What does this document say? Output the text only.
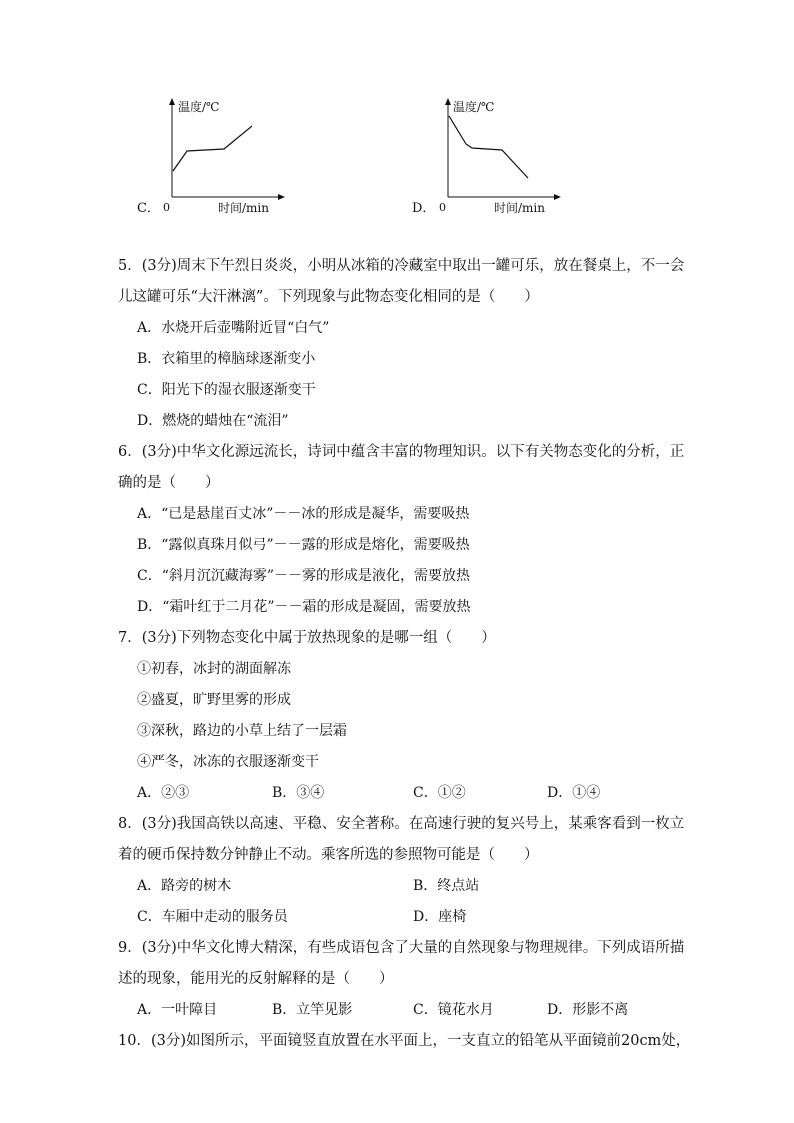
温度/℃
C． 0	时间/min
温度/℃
D． 0	时间/min
5．(3分)周末下午烈日炎炎，小明从冰箱的冷藏室中取出一罐可乐，放在餐桌上，不一会
儿这罐可乐“大汗淋漓”。下列现象与此物态变化相同的是（　　）
A．水烧开后壶嘴附近冒“白气”
B．衣箱里的樟脑球逐渐变小
C．阳光下的湿衣服逐渐变干
D．燃烧的蜡烛在“流泪”
6．(3分)中华文化源远流长，诗词中蕴含丰富的物理知识。以下有关物态变化的分析，正
确的是（　　）
A．“已是悬崖百丈冰”－－冰的形成是凝华，需要吸热
B．“露似真珠月似弓”－－露的形成是熔化，需要吸热
C．“斜月沉沉藏海雾”－－雾的形成是液化，需要放热
D．“霜叶红于二月花”－－霜的形成是凝固，需要放热
7．(3分)下列物态变化中属于放热现象的是哪一组（　　）
①初春，冰封的湖面解冻
②盛夏，旷野里雾的形成
③深秋，路边的小草上结了一层霜
④严冬，冰冻的衣服逐渐变干
A．②③	B．③④	C．①②	D．①④
8．(3分)我国高铁以高速、平稳、安全著称。在高速行驶的复兴号上，某乘客看到一枚立
着的硬币保持数分钟静止不动。乘客所选的参照物可能是（　　）
A．路旁的树木	B．终点站
C．车厢中走动的服务员	D．座椅
9．(3分)中华文化博大精深，有些成语包含了大量的自然现象与物理规律。下列成语所描
述的现象，能用光的反射解释的是（　　）
A．一叶障目	B．立竿见影	C．镜花水月	D．形影不离
10．(3分)如图所示，平面镜竖直放置在水平面上，一支直立的铅笔从平面镜前20cm处，
